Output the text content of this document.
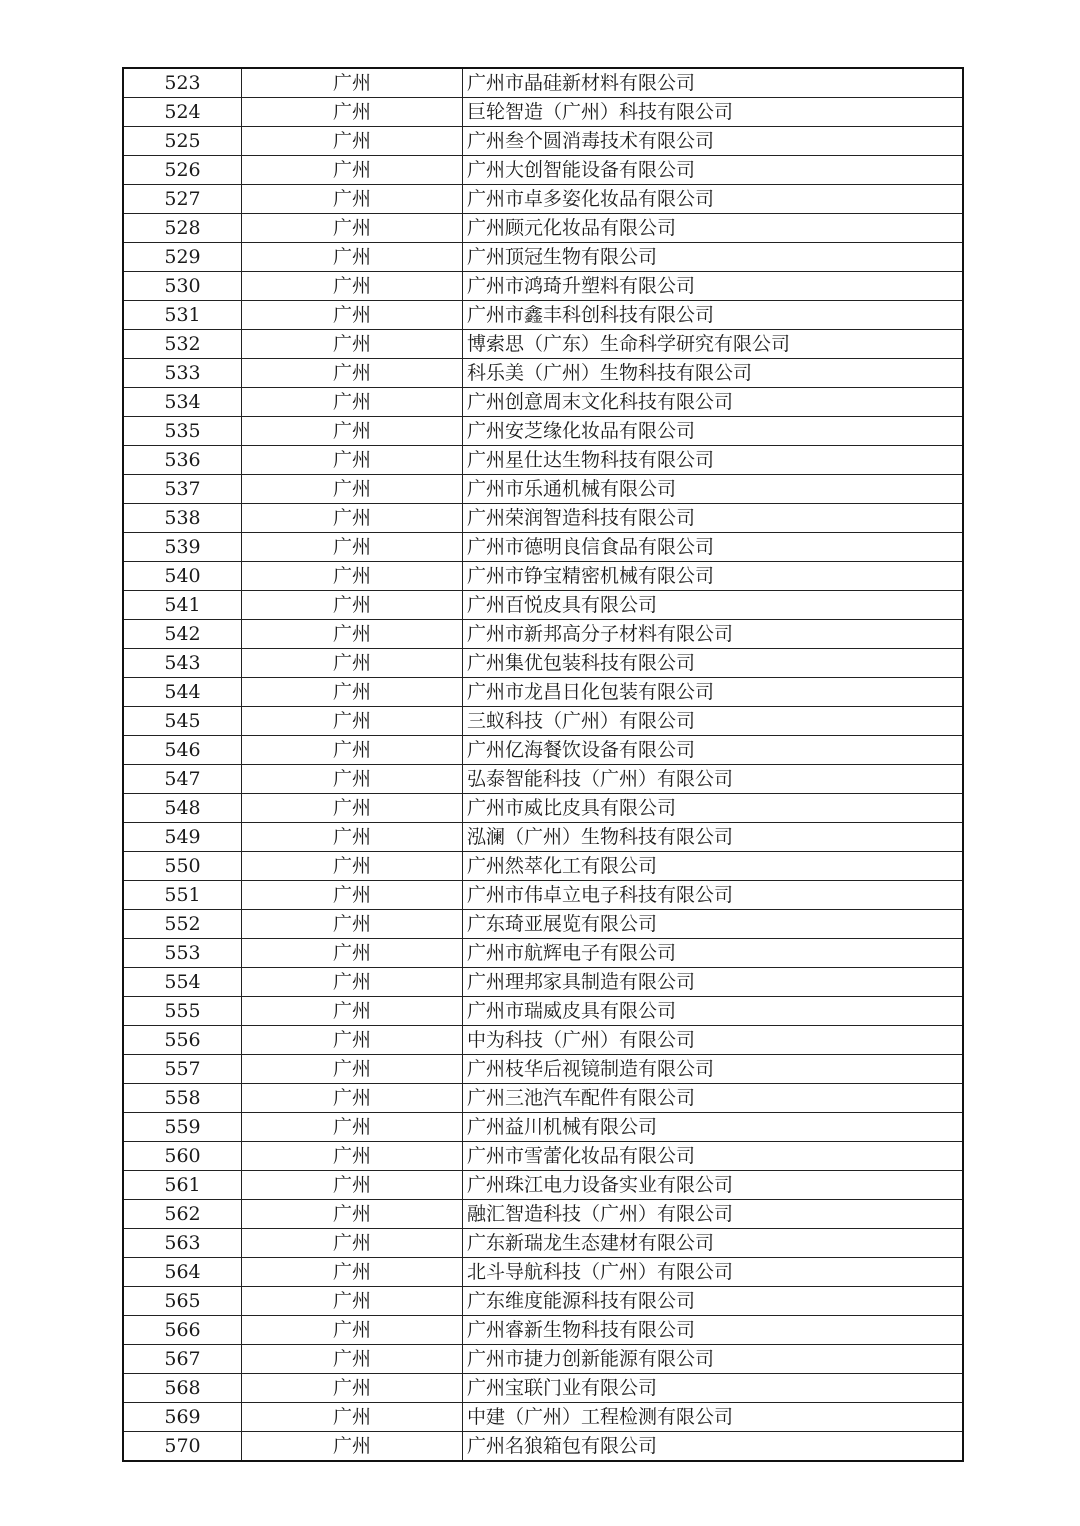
523	广州	广州市晶硅新材料有限公司
524	广州	巨轮智造（广州）科技有限公司
525	广州	广州叁个圆消毒技术有限公司
526	广州	广州大创智能设备有限公司
527	广州	广州市卓多姿化妆品有限公司
528	广州	广州顾元化妆品有限公司
529	广州	广州顶冠生物有限公司
530	广州	广州市鸿琦升塑料有限公司
531	广州	广州市鑫丰科创科技有限公司
532	广州	博索思（广东）生命科学研究有限公司
533	广州	科乐美（广州）生物科技有限公司
534	广州	广州创意周末文化科技有限公司
535	广州	广州安芝缘化妆品有限公司
536	广州	广州星仕达生物科技有限公司
537	广州	广州市乐通机械有限公司
538	广州	广州荣润智造科技有限公司
539	广州	广州市德明良信食品有限公司
540	广州	广州市铮宝精密机械有限公司
541	广州	广州百悦皮具有限公司
542	广州	广州市新邦高分子材料有限公司
543	广州	广州集优包装科技有限公司
544	广州	广州市龙昌日化包装有限公司
545	广州	三蚁科技（广州）有限公司
546	广州	广州亿海餐饮设备有限公司
547	广州	弘泰智能科技（广州）有限公司
548	广州	广州市威比皮具有限公司
549	广州	泓澜（广州）生物科技有限公司
550	广州	广州然萃化工有限公司
551	广州	广州市伟卓立电子科技有限公司
552	广州	广东琦亚展览有限公司
553	广州	广州市航辉电子有限公司
554	广州	广州理邦家具制造有限公司
555	广州	广州市瑞威皮具有限公司
556	广州	中为科技（广州）有限公司
557	广州	广州枝华后视镜制造有限公司
558	广州	广州三池汽车配件有限公司
559	广州	广州益川机械有限公司
560	广州	广州市雪蕾化妆品有限公司
561	广州	广州珠江电力设备实业有限公司
562	广州	融汇智造科技（广州）有限公司
563	广州	广东新瑞龙生态建材有限公司
564	广州	北斗导航科技（广州）有限公司
565	广州	广东维度能源科技有限公司
566	广州	广州睿新生物科技有限公司
567	广州	广州市捷力创新能源有限公司
568	广州	广州宝联门业有限公司
569	广州	中建（广州）工程检测有限公司
570	广州	广州名狼箱包有限公司
